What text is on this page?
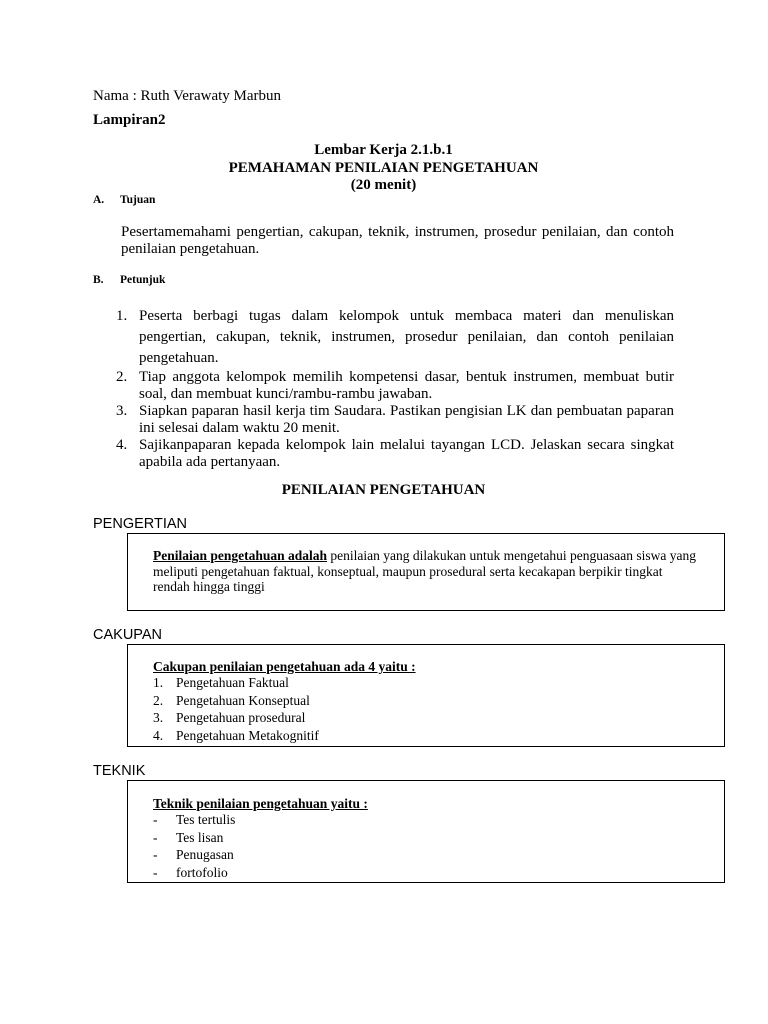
Nama : Ruth Verawaty Marbun
Lampiran2
Lembar Kerja 2.1.b.1
PEMAHAMAN PENILAIAN PENGETAHUAN
(20 menit)
A. Tujuan
Pesertamemahami pengertian, cakupan, teknik, instrumen, prosedur penilaian, dan contoh penilaian pengetahuan.
B. Petunjuk
1. Peserta berbagi tugas dalam kelompok untuk membaca materi dan menuliskan pengertian, cakupan, teknik, instrumen, prosedur penilaian, dan contoh penilaian pengetahuan.
2. Tiap anggota kelompok memilih kompetensi dasar, bentuk instrumen, membuat butir soal, dan membuat kunci/rambu-rambu jawaban.
3. Siapkan paparan hasil kerja tim Saudara. Pastikan pengisian LK dan pembuatan paparan ini selesai dalam waktu 20 menit.
4. Sajikanpaparan kepada kelompok lain melalui tayangan LCD. Jelaskan secara singkat apabila ada pertanyaan.
PENILAIAN PENGETAHUAN
PENGERTIAN
Penilaian pengetahuan adalah penilaian yang dilakukan untuk mengetahui penguasaan siswa yang meliputi pengetahuan faktual, konseptual, maupun prosedural serta kecakapan berpikir tingkat rendah hingga tinggi
CAKUPAN
Cakupan penilaian pengetahuan ada 4 yaitu :
1. Pengetahuan Faktual
2. Pengetahuan Konseptual
3. Pengetahuan prosedural
4. Pengetahuan Metakognitif
TEKNIK
Teknik penilaian pengetahuan yaitu :
- Tes tertulis
- Tes lisan
- Penugasan
- fortofolio
